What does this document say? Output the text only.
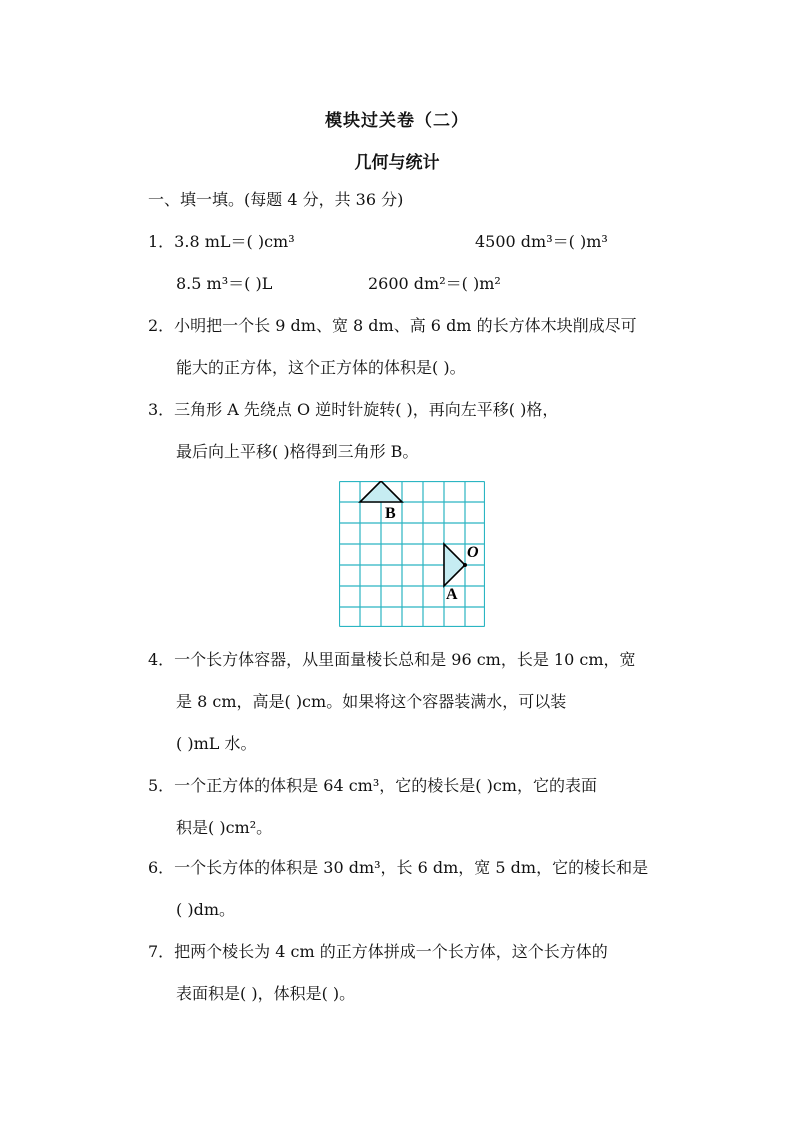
模块过关卷（二）
几何与统计
一、填一填。(每题 4 分，共 36 分)
1．3.8 mL＝( )cm³	4500 dm³＝( )m³
8.5 m³＝( )L	2600 dm²＝( )m²
2．小明把一个长 9 dm、宽 8 dm、高 6 dm 的长方体木块削成尽可
能大的正方体，这个正方体的体积是( )。
3．三角形 A 先绕点 O 逆时针旋转( )，再向左平移( )格，
最后向上平移( )格得到三角形 B。
B
O
A
4．一个长方体容器，从里面量棱长总和是 96 cm，长是 10 cm，宽
是 8 cm，高是( )cm。如果将这个容器装满水，可以装
( )mL 水。
5．一个正方体的体积是 64 cm³，它的棱长是( )cm，它的表面
积是( )cm²。
6．一个长方体的体积是 30 dm³，长 6 dm，宽 5 dm，它的棱长和是
( )dm。
7．把两个棱长为 4 cm 的正方体拼成一个长方体，这个长方体的
表面积是( )，体积是( )。
